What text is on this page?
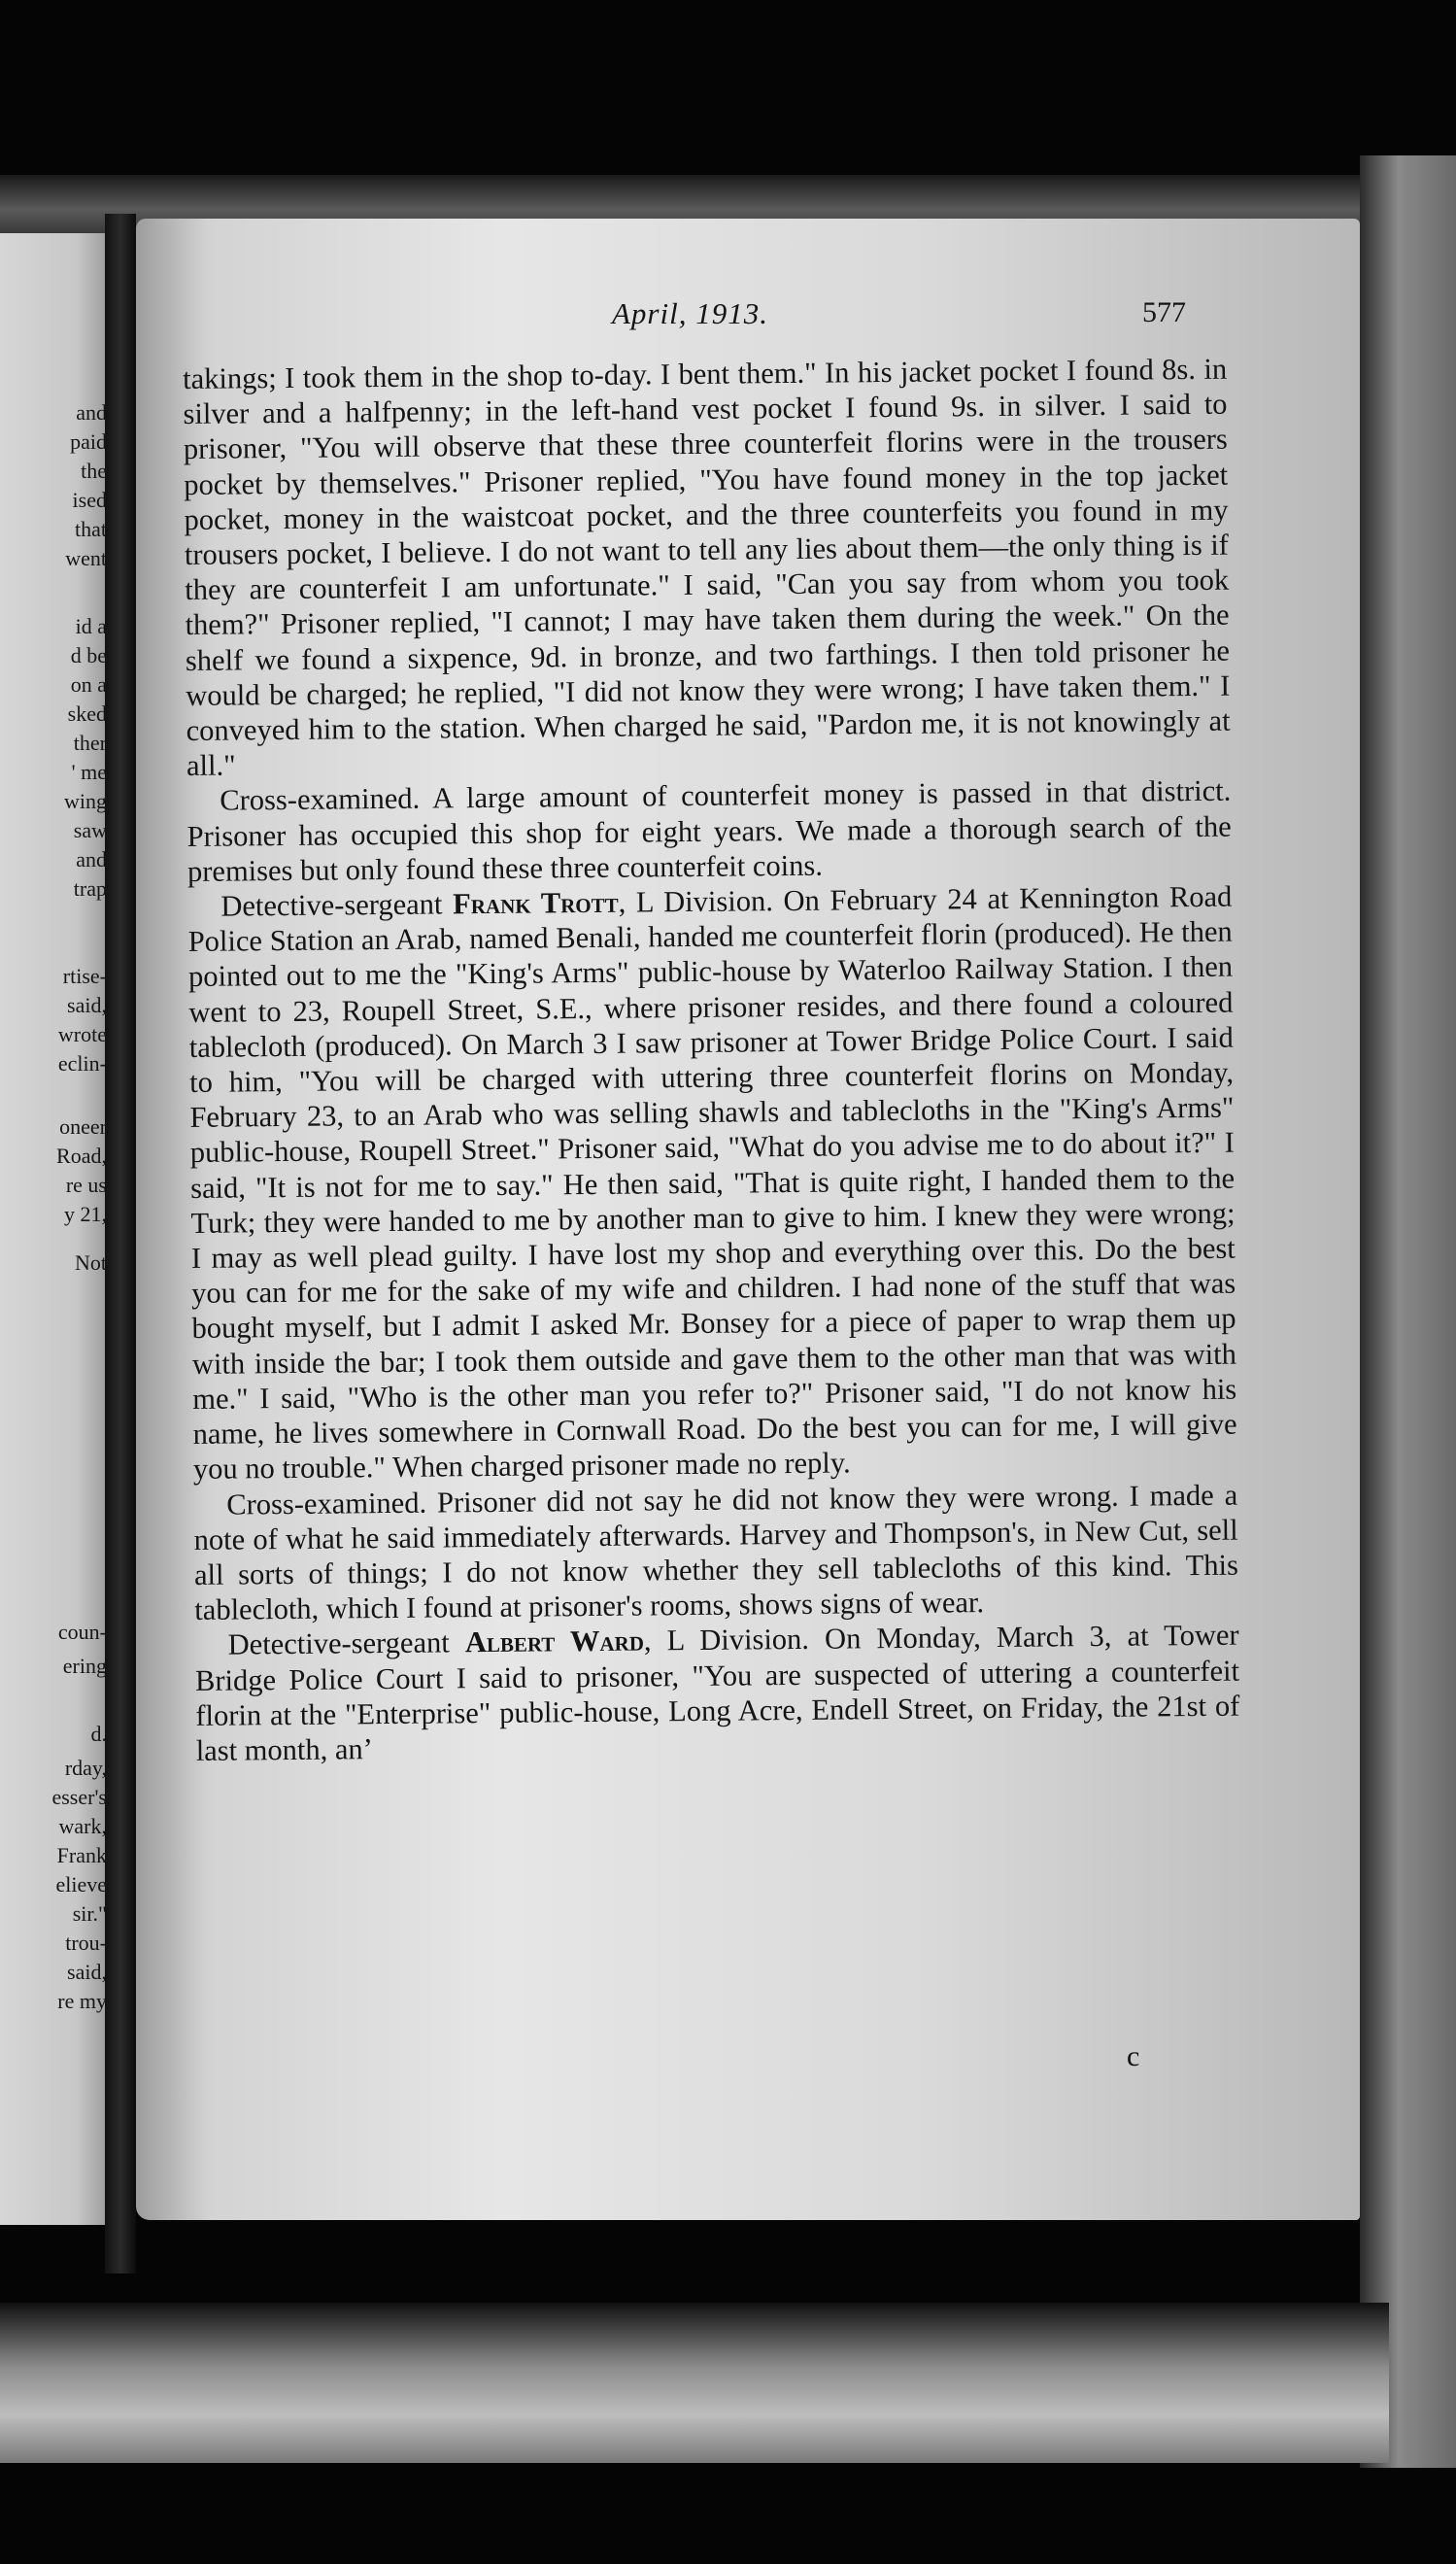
and
paid
the
ised
that
went
id a
d be
on a
sked
ther
' me
wing
saw
and
trap
rtise-
said,
wrote
eclin-
oneer
Road,
re us
y 21,
Not
coun-
ering
d.
rday,
esser's
wark,
Frank
elieve
sir."
trou-
said,
re my
April, 1913.	577

takings; I took them in the shop to-day. I bent them." In his jacket pocket I found 8s. in silver and a halfpenny; in the left-hand vest pocket I found 9s. in silver. I said to prisoner, "You will observe that these three counterfeit florins were in the trousers pocket by themselves." Prisoner replied, "You have found money in the top jacket pocket, money in the waistcoat pocket, and the three counterfeits you found in my trousers pocket, I believe. I do not want to tell any lies about them—the only thing is if they are counterfeit I am unfortunate." I said, "Can you say from whom you took them?" Prisoner replied, "I cannot; I may have taken them during the week." On the shelf we found a sixpence, 9d. in bronze, and two farthings. I then told prisoner he would be charged; he replied, "I did not know they were wrong; I have taken them." I conveyed him to the station. When charged he said, "Pardon me, it is not knowingly at all."

Cross-examined. A large amount of counterfeit money is passed in that district. Prisoner has occupied this shop for eight years. We made a thorough search of the premises but only found these three counterfeit coins.

Detective-sergeant Frank Trott, L Division. On February 24 at Kennington Road Police Station an Arab, named Benali, handed me counterfeit florin (produced). He then pointed out to me the "King's Arms" public-house by Waterloo Railway Station. I then went to 23, Roupell Street, S.E., where prisoner resides, and there found a coloured tablecloth (produced). On March 3 I saw prisoner at Tower Bridge Police Court. I said to him, "You will be charged with uttering three counterfeit florins on Monday, February 23, to an Arab who was selling shawls and tablecloths in the "King's Arms" public-house, Roupell Street." Prisoner said, "What do you advise me to do about it?" I said, "It is not for me to say." He then said, "That is quite right, I handed them to the Turk; they were handed to me by another man to give to him. I knew they were wrong; I may as well plead guilty. I have lost my shop and everything over this. Do the best you can for me for the sake of my wife and children. I had none of the stuff that was bought myself, but I admit I asked Mr. Bonsey for a piece of paper to wrap them up with inside the bar; I took them outside and gave them to the other man that was with me." I said, "Who is the other man you refer to?" Prisoner said, "I do not know his name, he lives somewhere in Cornwall Road. Do the best you can for me, I will give you no trouble." When charged prisoner made no reply.

Cross-examined. Prisoner did not say he did not know they were wrong. I made a note of what he said immediately afterwards. Harvey and Thompson's, in New Cut, sell all sorts of things; I do not know whether they sell tablecloths of this kind. This tablecloth, which I found at prisoner's rooms, shows signs of wear.

Detective-sergeant Albert Ward, L Division. On Monday, March 3, at Tower Bridge Police Court I said to prisoner, "You are suspected of uttering a counterfeit florin at the "Enterprise" public-house, Long Acre, Endell Street, on Friday, the 21st of last month, an’

c
